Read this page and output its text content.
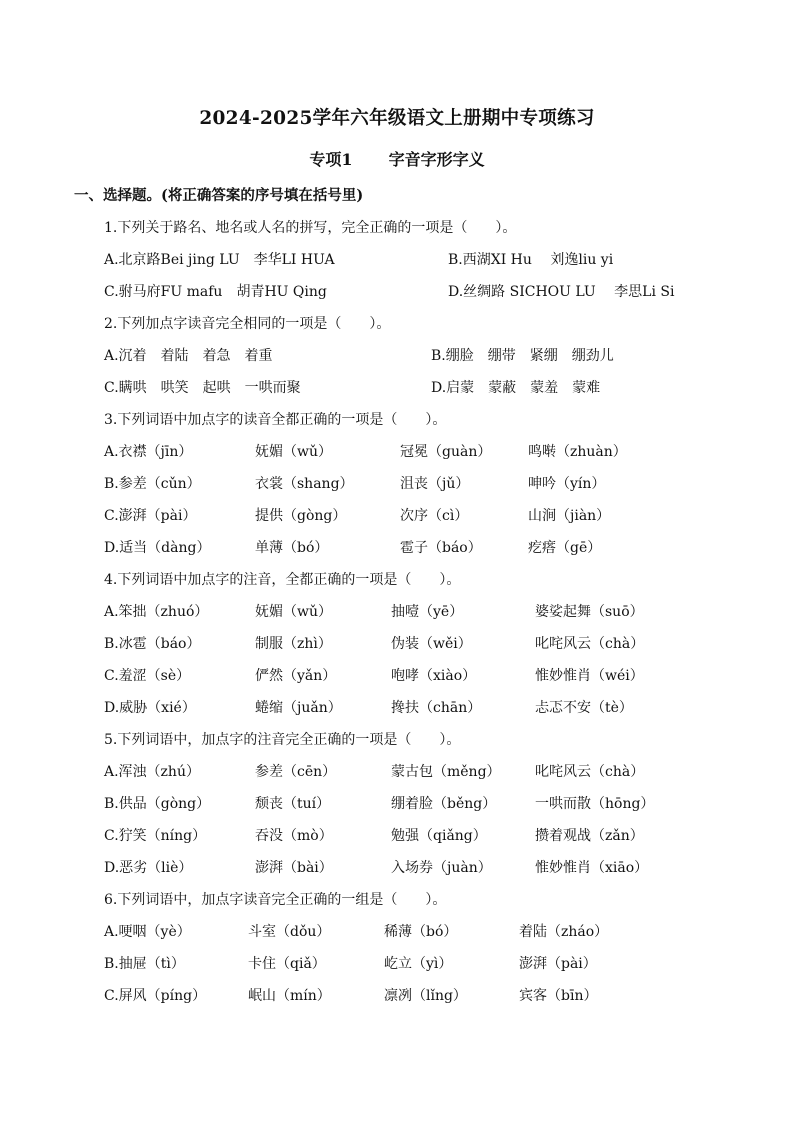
2024-2025学年六年级语文上册期中专项练习
专项1 字音字形字义
一、选择题。(将正确答案的序号填在括号里)
1.下列关于路名、地名或人名的拼写，完全正确的一项是（　　）。
A.北京路Bei jing LU　李华LI HUA	B.西湖XI Hu　 刘逸liu yi
C.驸马府FU mafu　胡青HU Qing	D.丝绸路 SICHOU LU　 李思Li Si
2.下列加点字读音完全相同的一项是（　　）。
A.沉着　着陆　着急　着重	B.绷脸　绷带　紧绷　绷劲儿
C.瞒哄　哄笑　起哄　一哄而聚	D.启蒙　蒙蔽　蒙羞　蒙难
3.下列词语中加点字的读音全都正确的一项是（　　）。
A.衣襟（jīn）	妩媚（wǔ）	冠冕（guàn）	鸣啭（zhuàn）
B.参差（cǔn）	衣裳（shang）	沮丧（jǔ）	呻吟（yín）
C.澎湃（pài）	提供（gòng）	次序（cì）	山涧（jiàn）
D.适当（dàng）	单薄（bó）	雹子（báo）	疙瘩（gē）
4.下列词语中加点字的注音，全都正确的一项是（　　）。
A.笨拙（zhuó）	妩媚（wǔ）	抽噎（yē）	婆娑起舞（suō）
B.冰雹（báo）	制服（zhì）	伪装（wěi）	叱咤风云（chà）
C.羞涩（sè）	俨然（yǎn）	咆哮（xiào）	惟妙惟肖（wéi）
D.威胁（xié）	蜷缩（juǎn）	搀扶（chān）	忐忑不安（tè）
5.下列词语中，加点字的注音完全正确的一项是（　　）。
A.浑浊（zhú）	参差（cēn）	蒙古包（měng） 叱咤风云（chà）
B.供品（gòng）	颓丧（tuí）	绷着脸（běng）	一哄而散（hōng）
C.狞笑（níng）	吞没（mò）	勉强（qiǎng）	攒着观战（zǎn）
D.恶劣（liè）	澎湃（bài）	入场券（juàn）	惟妙惟肖（xiāo）
6.下列词语中，加点字读音完全正确的一组是（　　）。
A.哽咽（yè）	斗室（dǒu）	稀薄（bó）	着陆（zháo）
B.抽屉（tì）	卡住（qiǎ）	屹立（yì）	澎湃（pài）
C.屏风（píng）	岷山（mín）	凛冽（lǐng）	宾客（bīn）
